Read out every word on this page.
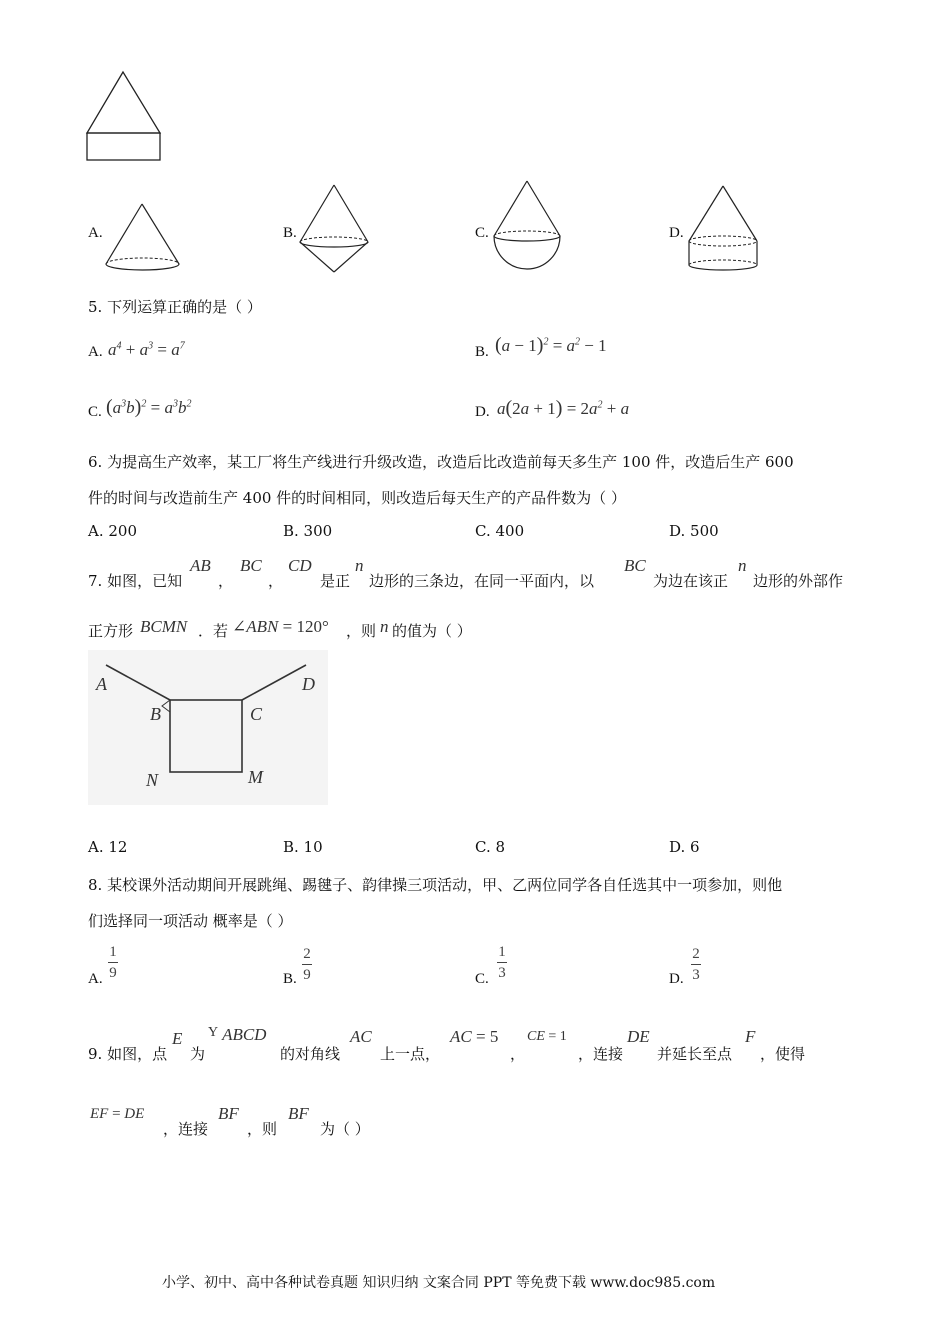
A.	B.	C.	D.
5. 下列运算正确的是（ ）
A. $a^4 + a^3 = a^7$	B. $(a - 1)^2 = a^2 - 1$
C. $(a^3b)^2 = a^3b^2$
D. $a(2a + 1) = 2a^2 + a$
6. 为提高生产效率，某工厂将生产线进行升级改造，改造后比改造前每天多生产 100 件，改造后生产 600
件的时间与改造前生产 400 件的时间相同，则改造后每天生产的产品件数为（ ）
A. 200	B. 300	C. 400	D. 500
7. 如图，已知
AB
，
BC
，
CD
是正
n
边形的三条边，在同一平面内，以
BC
为边在该正
n
边形的外部作
正方形 BCMN ．若 ∠ABN = 120° ，则 n 的值为（ ）
A
B	C
D
N	M
A. 12	B. 10	C. 8	D. 6
8. 某校课外活动期间开展跳绳、踢毽子、韵律操三项活动，甲、乙两位同学各自任选其中一项参加，则他
们选择同一项活动 概率是（ ）
A.
1
9	B.
2
9	C.
1
3	D.
2
3
9. 如图，点
E
为
$^Y$ ABCD
的对角线
AC
上一点，
AC = 5
，
CE = 1
，连接
DE
并延长至点
F
，使得
EF = DE
，连接
BF
，则
BF
为（ ）
小学、初中、高中各种试卷真题 知识归纳 文案合同 PPT 等免费下载 www.doc985.com
